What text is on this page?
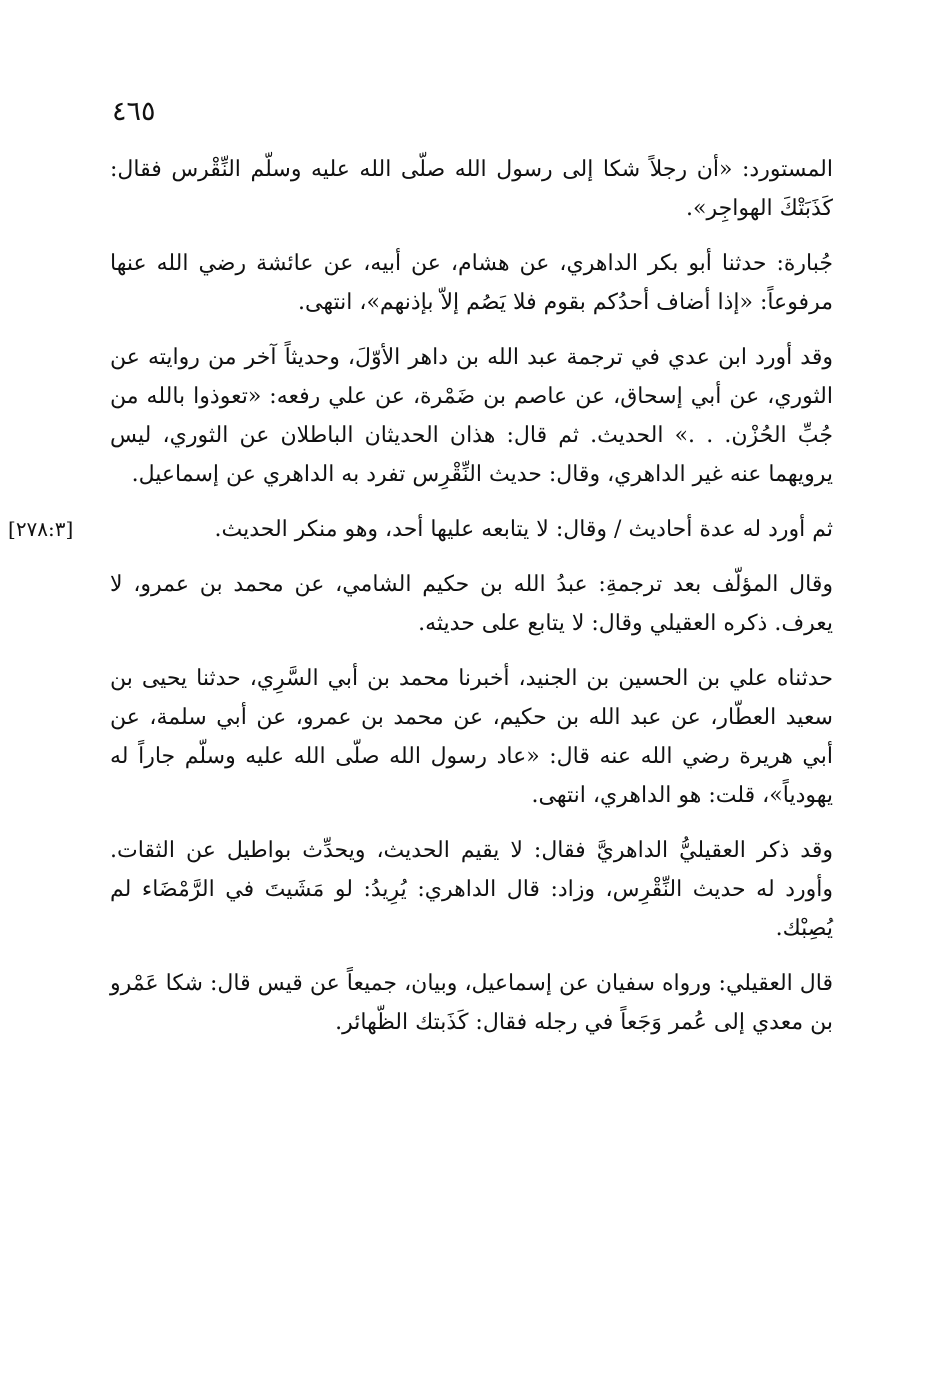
٤٦٥

المستورد: «أن رجلاً شكا إلى رسول الله صلّى الله عليه وسلّم النِّقْرس فقال: كَذَبَتْكَ الهواجِر».

جُبارة: حدثنا أبو بكر الداهري، عن هشام، عن أبيه، عن عائشة رضي الله عنها مرفوعاً: «إذا أضاف أحدُكم بقوم فلا يَصُم إلاّ بإذنهم»، انتهى.

وقد أورد ابن عدي في ترجمة عبد الله بن داهر الأوّلَ، وحديثاً آخر من روايته عن الثوري، عن أبي إسحاق، عن عاصم بن ضَمْرة، عن علي رفعه: «تعوذوا بالله من جُبِّ الحُزْن. . .» الحديث. ثم قال: هذان الحديثان الباطلان عن الثوري، ليس يرويهما عنه غير الداهري، وقال: حديث النِّقْرِس تفرد به الداهري عن إسماعيل.

ثم أورد له عدة أحاديث / وقال: لا يتابعه عليها أحد، وهو منكر الحديث.

[٢٧٨:٣]

وقال المؤلّف بعد ترجمةِ: عبدُ الله بن حكيم الشامي، عن محمد بن عمرو، لا يعرف. ذكره العقيلي وقال: لا يتابع على حديثه.

حدثناه علي بن الحسين بن الجنيد، أخبرنا محمد بن أبي السَّرِي، حدثنا يحيى بن سعيد العطّار، عن عبد الله بن حكيم، عن محمد بن عمرو، عن أبي سلمة، عن أبي هريرة رضي الله عنه قال: «عاد رسول الله صلّى الله عليه وسلّم جاراً له يهودياً»، قلت: هو الداهري، انتهى.

وقد ذكر العقيليُّ الداهريَّ فقال: لا يقيم الحديث، ويحدِّث بواطيل عن الثقات. وأورد له حديث النِّقْرِس، وزاد: قال الداهري: يُرِيدُ: لو مَشَيتَ في الرَّمْضَاء لم يُصِبْك.

قال العقيلي: ورواه سفيان عن إسماعيل، وبيان، جميعاً عن قيس قال: شكا عَمْرو بن معدي إلى عُمر وَجَعاً في رجله فقال: كَذَبتك الظّهائر.
